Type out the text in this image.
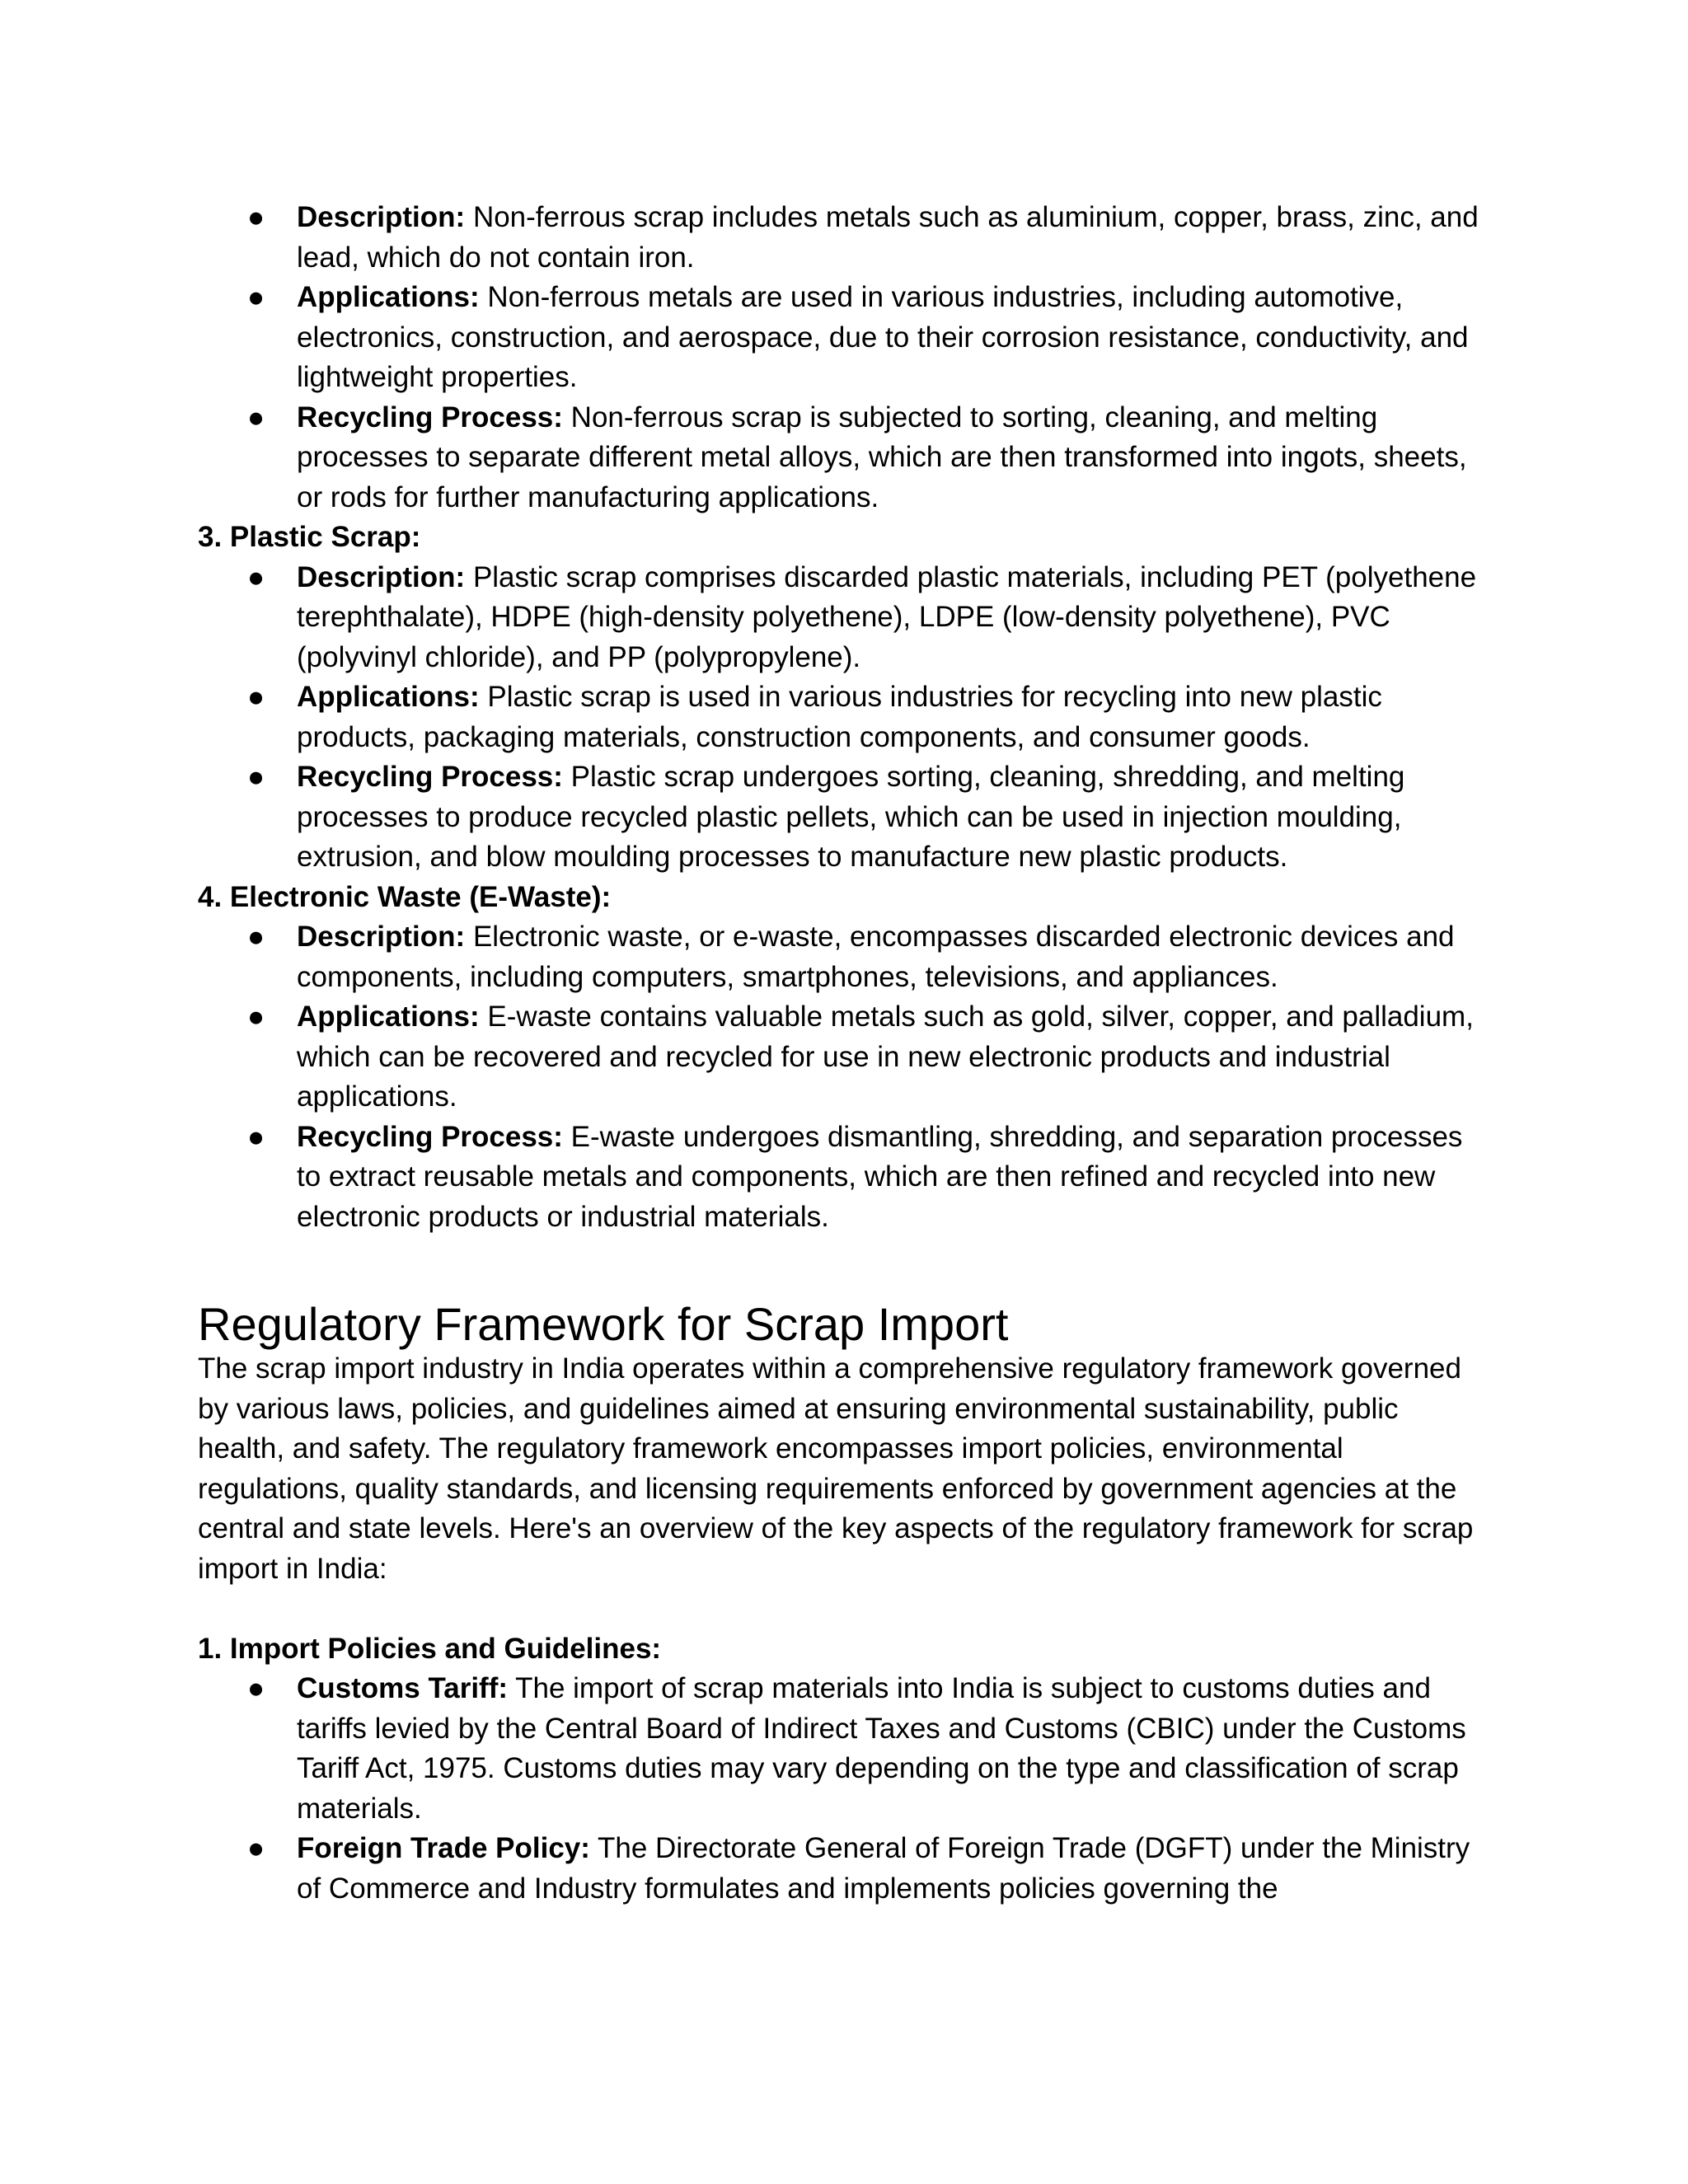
● Description: Non-ferrous scrap includes metals such as aluminium, copper, brass, zinc, and lead, which do not contain iron.
● Applications: Non-ferrous metals are used in various industries, including automotive, electronics, construction, and aerospace, due to their corrosion resistance, conductivity, and lightweight properties.
● Recycling Process: Non-ferrous scrap is subjected to sorting, cleaning, and melting processes to separate different metal alloys, which are then transformed into ingots, sheets, or rods for further manufacturing applications.
3. Plastic Scrap:
● Description: Plastic scrap comprises discarded plastic materials, including PET (polyethene terephthalate), HDPE (high-density polyethene), LDPE (low-density polyethene), PVC (polyvinyl chloride), and PP (polypropylene).
● Applications: Plastic scrap is used in various industries for recycling into new plastic products, packaging materials, construction components, and consumer goods.
● Recycling Process: Plastic scrap undergoes sorting, cleaning, shredding, and melting processes to produce recycled plastic pellets, which can be used in injection moulding, extrusion, and blow moulding processes to manufacture new plastic products.
4. Electronic Waste (E-Waste):
● Description: Electronic waste, or e-waste, encompasses discarded electronic devices and components, including computers, smartphones, televisions, and appliances.
● Applications: E-waste contains valuable metals such as gold, silver, copper, and palladium, which can be recovered and recycled for use in new electronic products and industrial applications.
● Recycling Process: E-waste undergoes dismantling, shredding, and separation processes to extract reusable metals and components, which are then refined and recycled into new electronic products or industrial materials.
Regulatory Framework for Scrap Import

The scrap import industry in India operates within a comprehensive regulatory framework governed by various laws, policies, and guidelines aimed at ensuring environmental sustainability, public health, and safety. The regulatory framework encompasses import policies, environmental regulations, quality standards, and licensing requirements enforced by government agencies at the central and state levels. Here's an overview of the key aspects of the regulatory framework for scrap import in India:

1. Import Policies and Guidelines:
● Customs Tariff: The import of scrap materials into India is subject to customs duties and tariffs levied by the Central Board of Indirect Taxes and Customs (CBIC) under the Customs Tariff Act, 1975. Customs duties may vary depending on the type and classification of scrap materials.
● Foreign Trade Policy: The Directorate General of Foreign Trade (DGFT) under the Ministry of Commerce and Industry formulates and implements policies governing the
